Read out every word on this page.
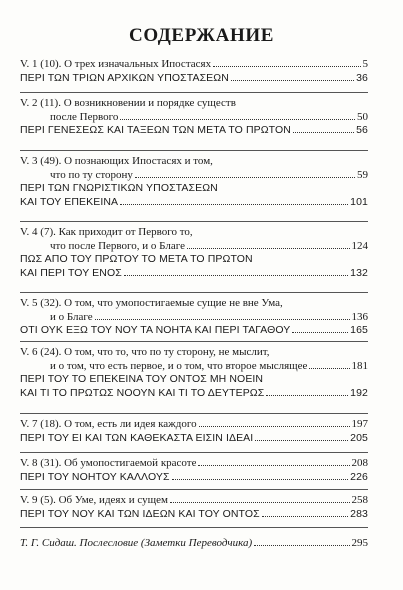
СОДЕРЖАНИЕ
V. 1 (10). О трех изначальных Ипостасях	5
ΠΕΡΙ ΤΩΝ ΤΡΙΩΝ ΑΡΧΙΚΩΝ ΥΠΟΣΤΑΣΕΩΝ	36
V. 2 (11). О возникновении и порядке существ
после Первого	50
ΠΕΡΙ ΓΕΝΕΣΕΩΣ ΚΑΙ ΤΑΞΕΩΝ ΤΩΝ ΜΕΤΑ ΤΟ ΠΡΩΤΟΝ	56
V. 3 (49). О познающих Ипостасях и том,
что по ту сторону	59
ΠΕΡΙ ΤΩΝ ΓΝΩΡΙΣΤΙΚΩΝ ΥΠΟΣΤΑΣΕΩΝ
ΚΑΙ ΤΟΥ ΕΠΕΚΕΙΝΑ	101
V. 4 (7). Как приходит от Первого то,
что после Первого, и о Благе	124
ΠΩΣ ΑΠΟ ΤΟΥ ΠΡΩΤΟΥ ΤΟ ΜΕΤΑ ΤΟ ΠΡΩΤΟΝ
ΚΑΙ ΠΕΡΙ ΤΟΥ ΕΝΟΣ	132
V. 5 (32). О том, что умопостигаемые сущие не вне Ума,
и о Благе	136
ΟΤΙ ΟΥΚ ΕΞΩ ΤΟΥ ΝΟΥ ΤΑ ΝΟΗΤΑ ΚΑΙ ΠΕΡΙ ΤΑΓΑΘΟΥ	165
V. 6 (24). О том, что то, что по ту сторону, не мыслит,
и о том, что есть первое, и о том, что второе мыслящее	181
ΠΕΡΙ ΤΟΥ ΤΟ ΕΠΕΚΕΙΝΑ ΤΟΥ ΟΝΤΟΣ ΜΗ ΝΟΕΙΝ
ΚΑΙ ΤΙ ΤΟ ΠΡΩΤΩΣ ΝΟΟΥΝ ΚΑΙ ΤΙ ΤΟ ΔΕΥΤΕΡΩΣ	192
V. 7 (18). О том, есть ли идея каждого	197
ΠΕΡΙ ΤΟΥ ΕΙ ΚΑΙ ΤΩΝ ΚΑΘΕΚΑΣΤΑ ΕΙΣΙΝ ΙΔΕΑΙ	205
V. 8 (31). Об умопостигаемой красоте	208
ΠΕΡΙ ΤΟΥ ΝΟΗΤΟΥ ΚΑΛΛΟΥΣ	226
V. 9 (5). Об Уме, идеях и сущем	258
ΠΕΡΙ ΤΟΥ ΝΟΥ ΚΑΙ ΤΩΝ ΙΔΕΩΝ ΚΑΙ ΤΟΥ ΟΝΤΟΣ	283
Т. Г. Сидаш. Послесловие (Заметки Переводчика)	295
